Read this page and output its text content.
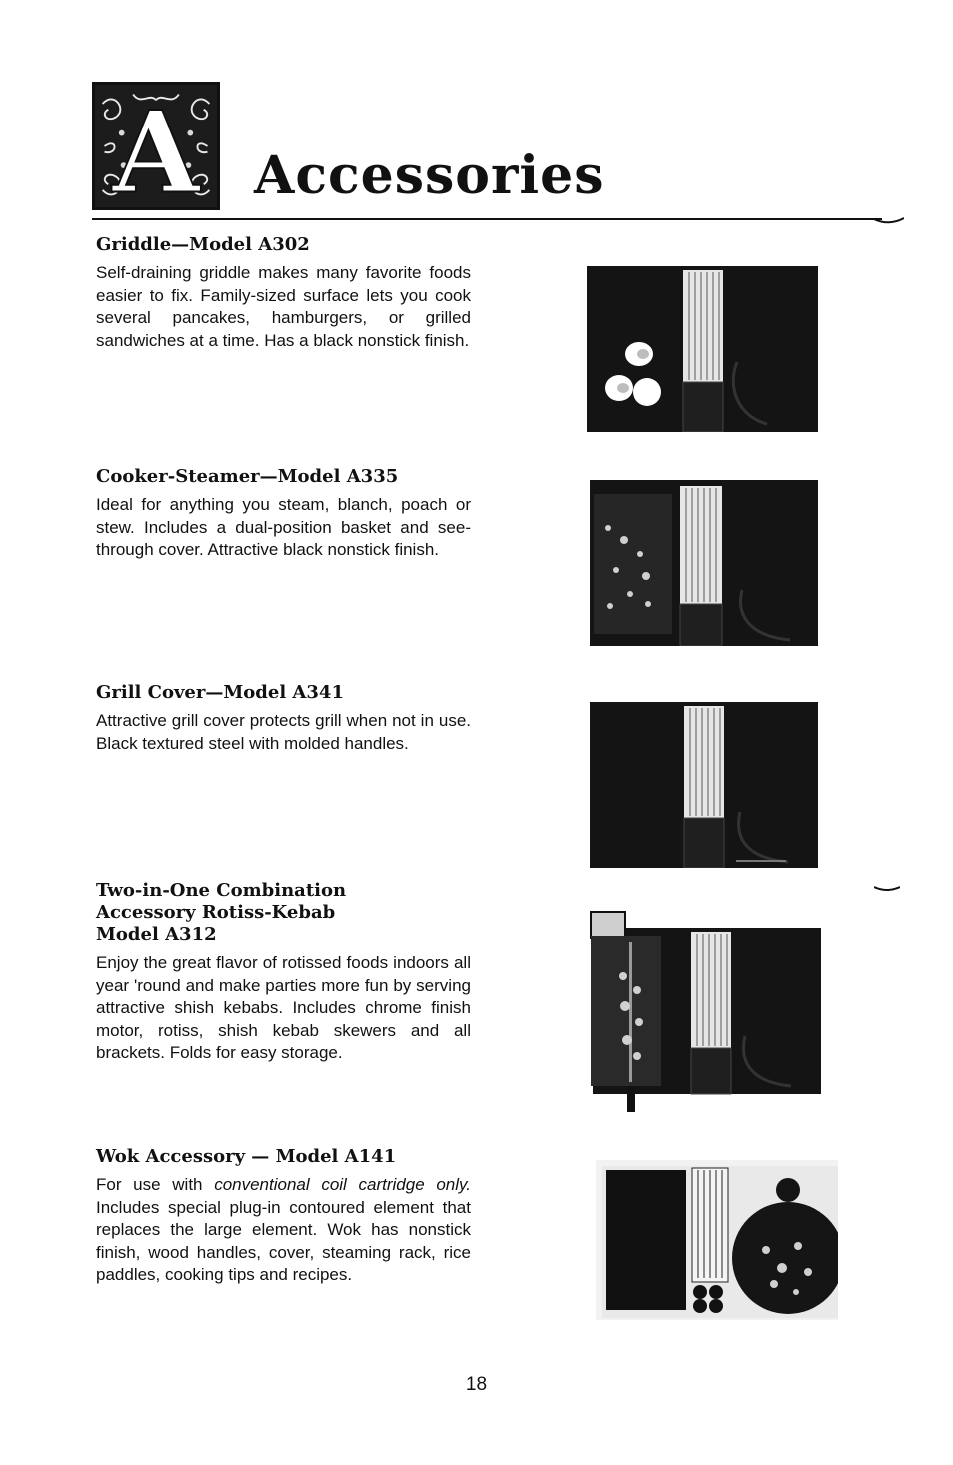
A Accessories
Griddle—Model A302

Self-draining griddle makes many favorite foods easier to fix. Family-sized surface lets you cook several pancakes, hamburgers, or grilled sandwiches at a time. Has a black nonstick finish.

Cooker-Steamer—Model A335

Ideal for anything you steam, blanch, poach or stew. Includes a dual-position basket and see-through cover. Attractive black nonstick finish.

Grill Cover—Model A341

Attractive grill cover protects grill when not in use. Black textured steel with molded handles.

Two-in-One Combination
Accessory Rotiss-Kebab
Model A312

Enjoy the great flavor of rotissed foods indoors all year 'round and make parties more fun by serving attractive shish kebabs. Includes chrome finish motor, rotiss, shish kebab skewers and all brackets. Folds for easy storage.

Wok Accessory — Model A141

For use with conventional coil cartridge only. Includes special plug-in contoured element that replaces the large element. Wok has nonstick finish, wood handles, cover, steaming rack, rice paddles, cooking tips and recipes.

18
